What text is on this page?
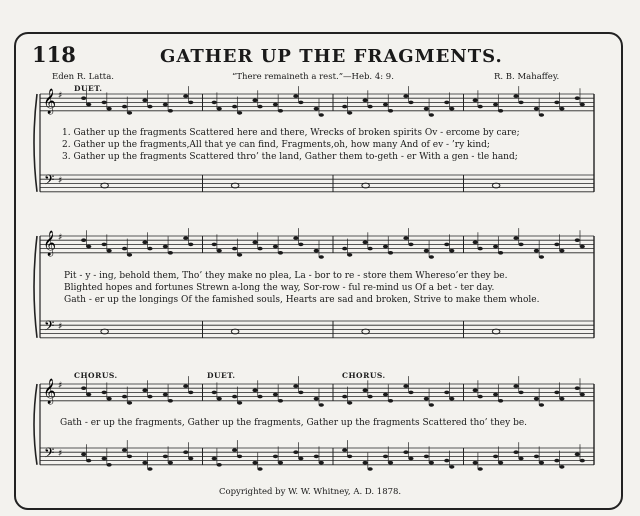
118	GATHER UP THE FRAGMENTS.
Eden R. Latta.	“There remaineth a rest.”—Heb. 4: 9.	R. B. Mahaffey.
DUET.
CHORUS.	DUET.	CHORUS.
1. Gather up the fragments Scattered here and there, Wrecks of broken spirits Ov - ercome by care;
2. Gather up the fragments,All that ye can find, Fragments,oh, how many And of ev - ’ry kind;
3. Gather up the fragments Scattered thro’ the land, Gather them to-geth - er With a gen - tle hand;
Pit - y - ing, behold them, Tho’ they make no plea, La - bor to re - store them Whereso’er they be.
Blighted hopes and fortunes Strewn a-long the way, Sor-row - ful re-mind us Of a bet - ter day.
Gath - er up the longings Of the famished souls, Hearts are sad and broken, Strive to make them whole.
Gath - er up the fragments, Gather up the fragments, Gather up the fragments Scattered tho’ they be.
Copyrighted by W. W. Whitney, A. D. 1878.
𝄞
𝄢
♯
♯
𝄞
𝄢
♯
♯
𝄞
𝄢
♯
♯
